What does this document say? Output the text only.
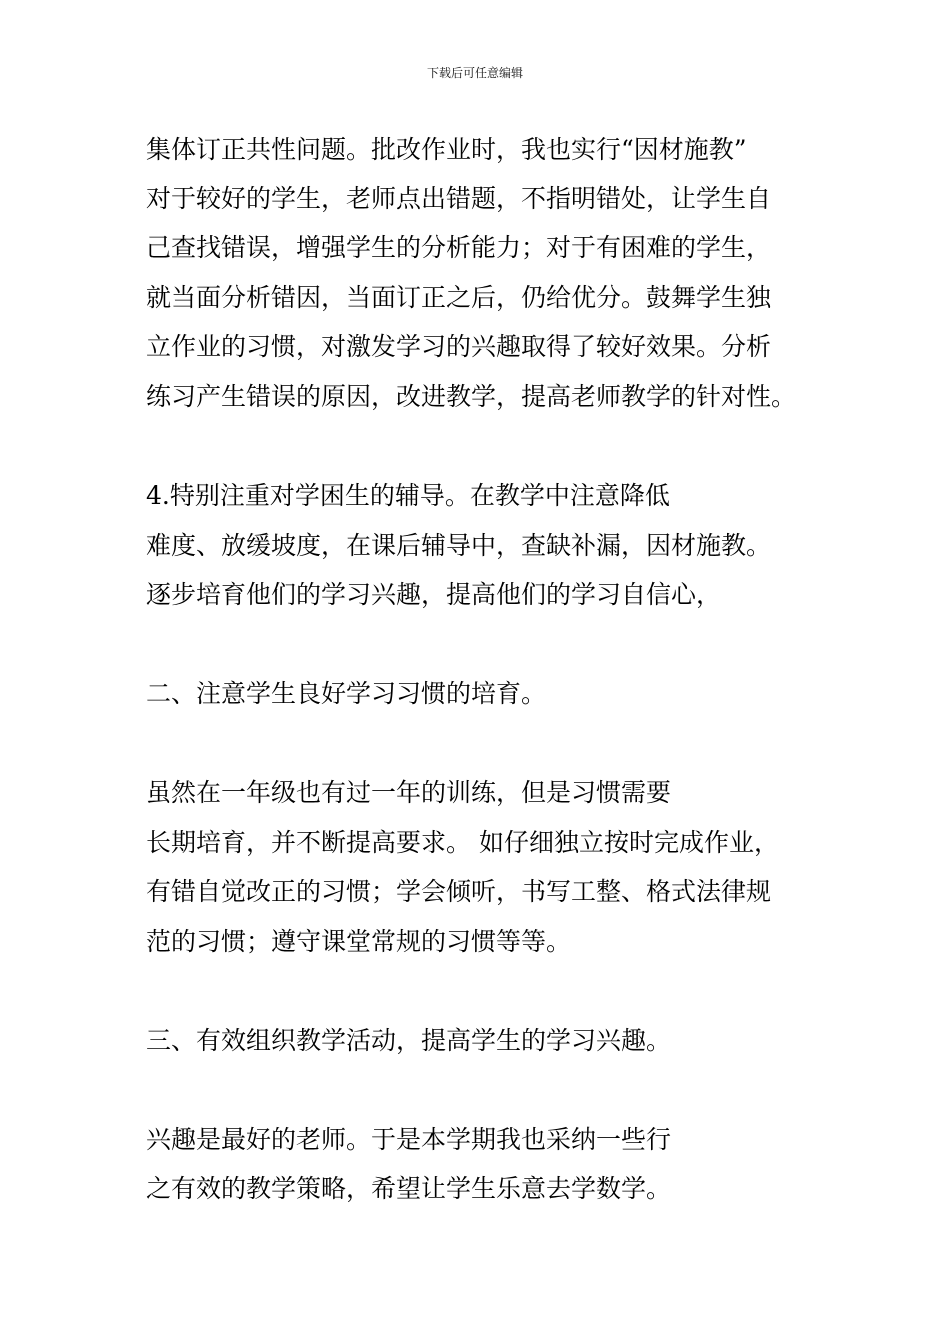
下载后可任意编辑
集体订正共性问题。批改作业时，我也实行“因材施教”
对于较好的学生，老师点出错题，不指明错处，让学生自
己查找错误，增强学生的分析能力；对于有困难的学生，
就当面分析错因，当面订正之后，仍给优分。鼓舞学生独
立作业的习惯，对激发学习的兴趣取得了较好效果。分析
练习产生错误的原因，改进教学，提高老师教学的针对性。
4.特别注重对学困生的辅导。在教学中注意降低
难度、放缓坡度，在课后辅导中，查缺补漏，因材施教。
逐步培育他们的学习兴趣，提高他们的学习自信心，
二、注意学生良好学习习惯的培育。
虽然在一年级也有过一年的训练，但是习惯需要
长期培育，并不断提高要求。 如仔细独立按时完成作业，
有错自觉改正的习惯；学会倾听，书写工整、格式法律规
范的习惯；遵守课堂常规的习惯等等。
三、有效组织教学活动，提高学生的学习兴趣。
兴趣是最好的老师。于是本学期我也采纳一些行
之有效的教学策略，希望让学生乐意去学数学。
